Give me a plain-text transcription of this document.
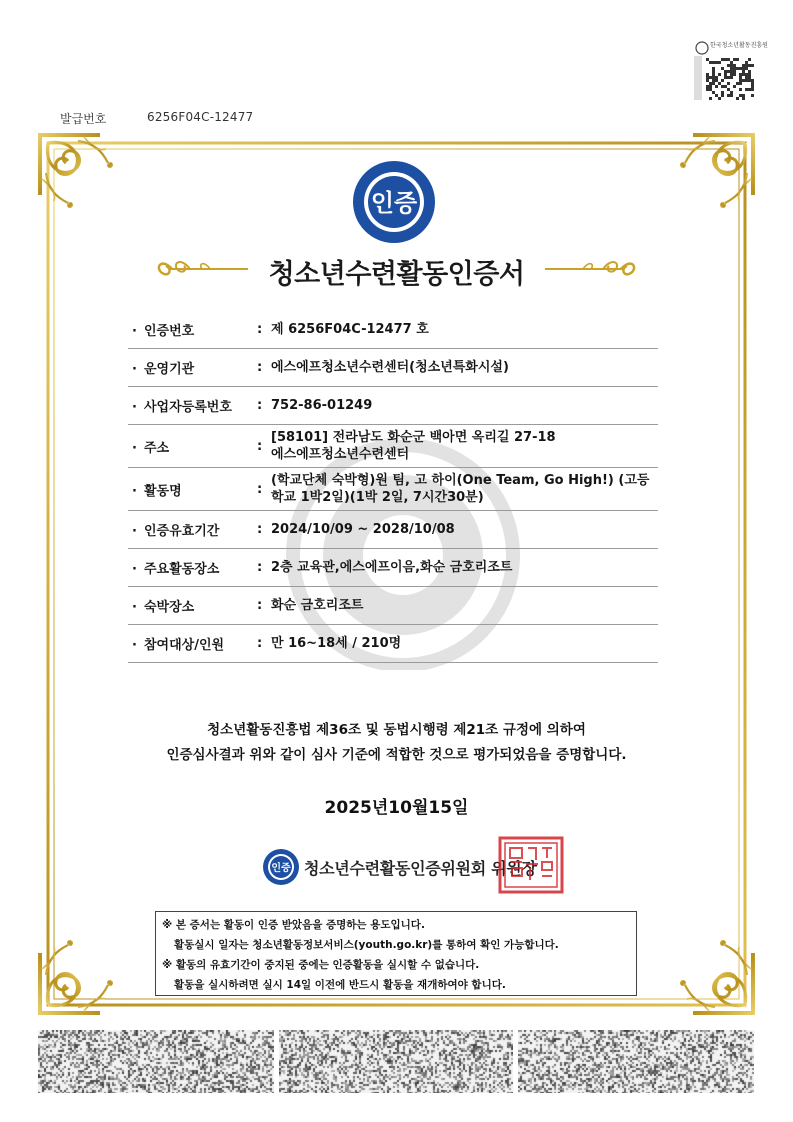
한국청소년활동진흥원
발급번호	6256F04C-12477
인증
청소년수련활동인증서
· 인증번호	: 제 6256F04C-12477 호
· 운영기관	: 에스에프청소년수련센터(청소년특화시설)
· 사업자등록번호	: 752-86-01249
· 주소	:
[58101] 전라남도 화순군 백아면 옥리길 27-18
에스에프청소년수련센터
· 활동명	:
(학교단체 숙박형)원 팀, 고 하이(One Team, Go High!) (고등
학교 1박2일)(1박 2일, 7시간30분)
· 인증유효기간	: 2024/10/09 ~ 2028/10/08
· 주요활동장소	: 2층 교육관,에스에프이음,화순 금호리조트
· 숙박장소	: 화순 금호리조트
· 참여대상/인원	: 만 16~18세 / 210명
청소년활동진흥법 제36조 및 동법시행령 제21조 규정에 의하여
인증심사결과 위와 같이 심사 기준에 적합한 것으로 평가되었음을 증명합니다.
2025년10월15일
인증 청소년수련활동인증위원회 위원장
※ 본 증서는 활동이 인증 받았음을 증명하는 용도입니다.
활동실시 일자는 청소년활동정보서비스(youth.go.kr)를 통하여 확인 가능합니다.
※ 활동의 유효기간이 중지된 중에는 인증활동을 실시할 수 없습니다.
활동을 실시하려면 실시 14일 이전에 반드시 활동을 재개하여야 합니다.
